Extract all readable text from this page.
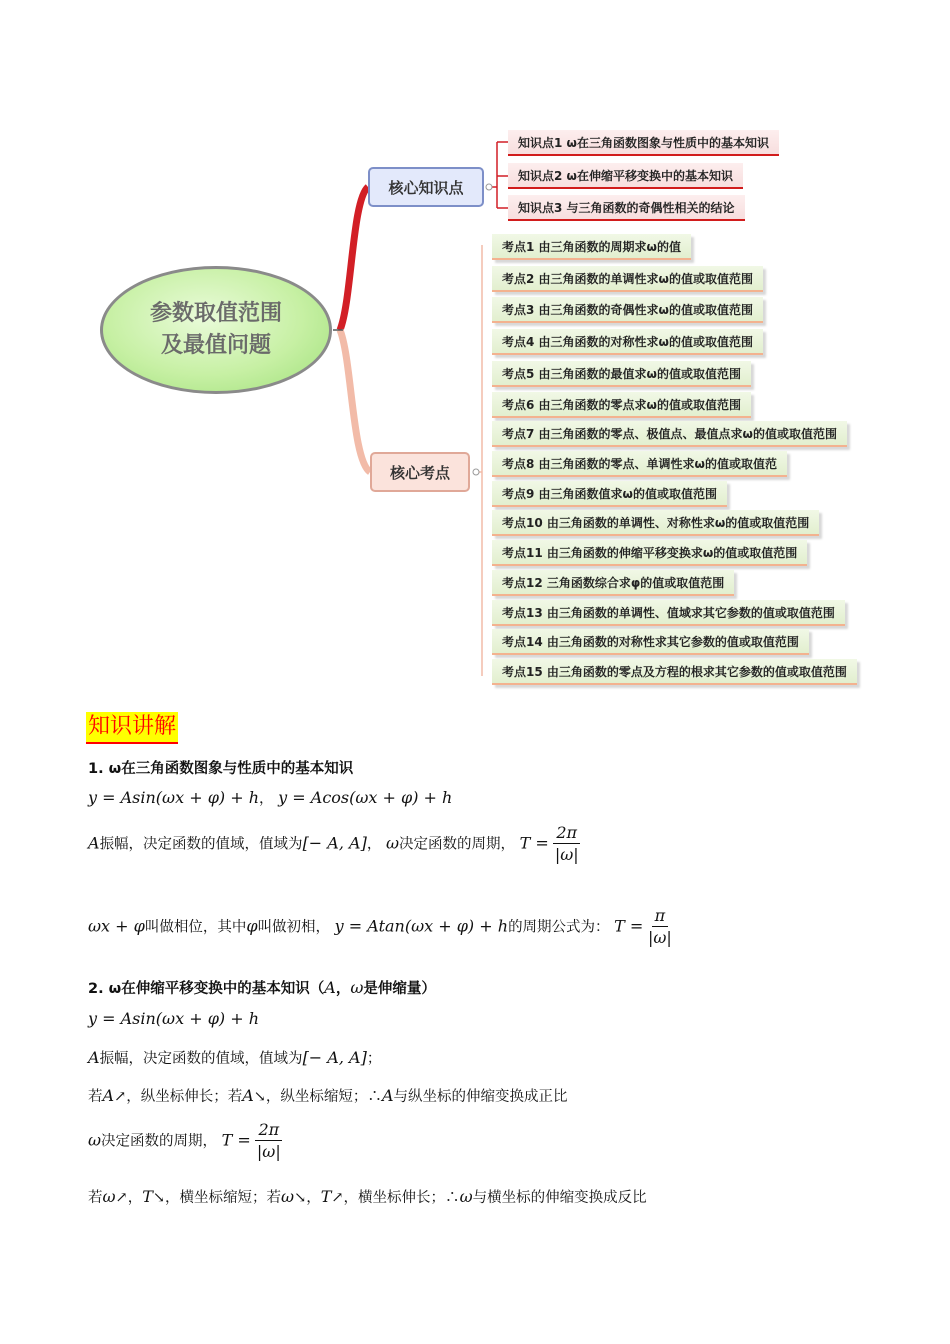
参数取值范围
及最值问题
核心知识点
核心考点
知识点1 ω在三角函数图象与性质中的基本知识
知识点2 ω在伸缩平移变换中的基本知识
知识点3 与三角函数的奇偶性相关的结论
考点1 由三角函数的周期求ω的值
考点2 由三角函数的单调性求ω的值或取值范围
考点3 由三角函数的奇偶性求ω的值或取值范围
考点4 由三角函数的对称性求ω的值或取值范围
考点5 由三角函数的最值求ω的值或取值范围
考点6 由三角函数的零点求ω的值或取值范围
考点7 由三角函数的零点、极值点、最值点求ω的值或取值范围
考点8 由三角函数的零点、单调性求ω的值或取值范
考点9 由三角函数值求ω的值或取值范围
考点10 由三角函数的单调性、对称性求ω的值或取值范围
考点11 由三角函数的伸缩平移变换求ω的值或取值范围
考点12 三角函数综合求φ的值或取值范围
考点13 由三角函数的单调性、值域求其它参数的值或取值范围
考点14 由三角函数的对称性求其它参数的值或取值范围
考点15 由三角函数的零点及方程的根求其它参数的值或取值范围
知识讲解
1. ω在三角函数图象与性质中的基本知识
y = Asin(ωx + φ) + h， y = Acos(ωx + φ) + h
A振幅，决定函数的值域，值域为[− A, A]， ω决定函数的周期， $T = \frac{2\pi}{|\omega|}$
ωx + φ叫做相位，其中φ叫做初相， y = Atan(ωx + φ) + h的周期公式为： $T = \frac{\pi}{|\omega|}$
2. ω在伸缩平移变换中的基本知识（A，ω是伸缩量）
y = Asin(ωx + φ) + h
A振幅，决定函数的值域，值域为[− A, A]；
若A↗，纵坐标伸长；若A↘，纵坐标缩短；∴A与纵坐标的伸缩变换成正比
ω决定函数的周期， $T = \frac{2\pi}{|\omega|}$
若ω↗，T↘，横坐标缩短；若ω↘，T↗，横坐标伸长；∴ω与横坐标的伸缩变换成反比
